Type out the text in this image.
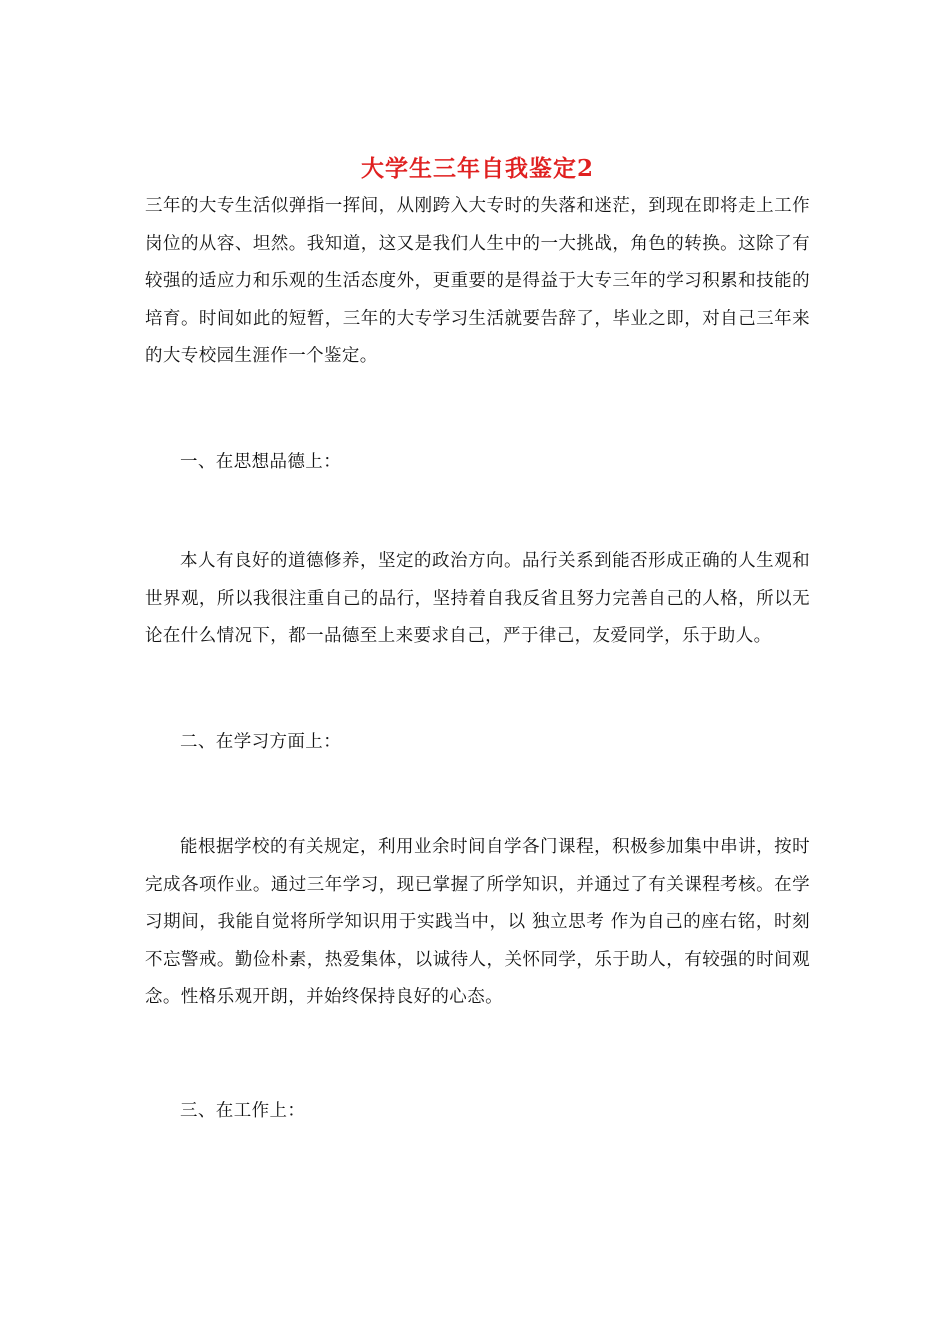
大学生三年自我鉴定2

三年的大专生活似弹指一挥间，从刚跨入大专时的失落和迷茫，到现在即将走上工作岗位的从容、坦然。我知道，这又是我们人生中的一大挑战，角色的转换。这除了有较强的适应力和乐观的生活态度外，更重要的是得益于大专三年的学习积累和技能的培育。时间如此的短暂，三年的大专学习生活就要告辞了，毕业之即，对自己三年来的大专校园生涯作一个鉴定。

一、在思想品德上：

本人有良好的道德修养，坚定的政治方向。品行关系到能否形成正确的人生观和世界观，所以我很注重自己的品行，坚持着自我反省且努力完善自己的人格，所以无论在什么情况下，都一品德至上来要求自己，严于律己，友爱同学，乐于助人。

二、在学习方面上：

能根据学校的有关规定，利用业余时间自学各门课程，积极参加集中串讲，按时完成各项作业。通过三年学习，现已掌握了所学知识，并通过了有关课程考核。在学习期间，我能自觉将所学知识用于实践当中，以 独立思考 作为自己的座右铭，时刻不忘警戒。勤俭朴素，热爱集体，以诚待人，关怀同学，乐于助人，有较强的时间观念。性格乐观开朗，并始终保持良好的心态。

三、在工作上：
